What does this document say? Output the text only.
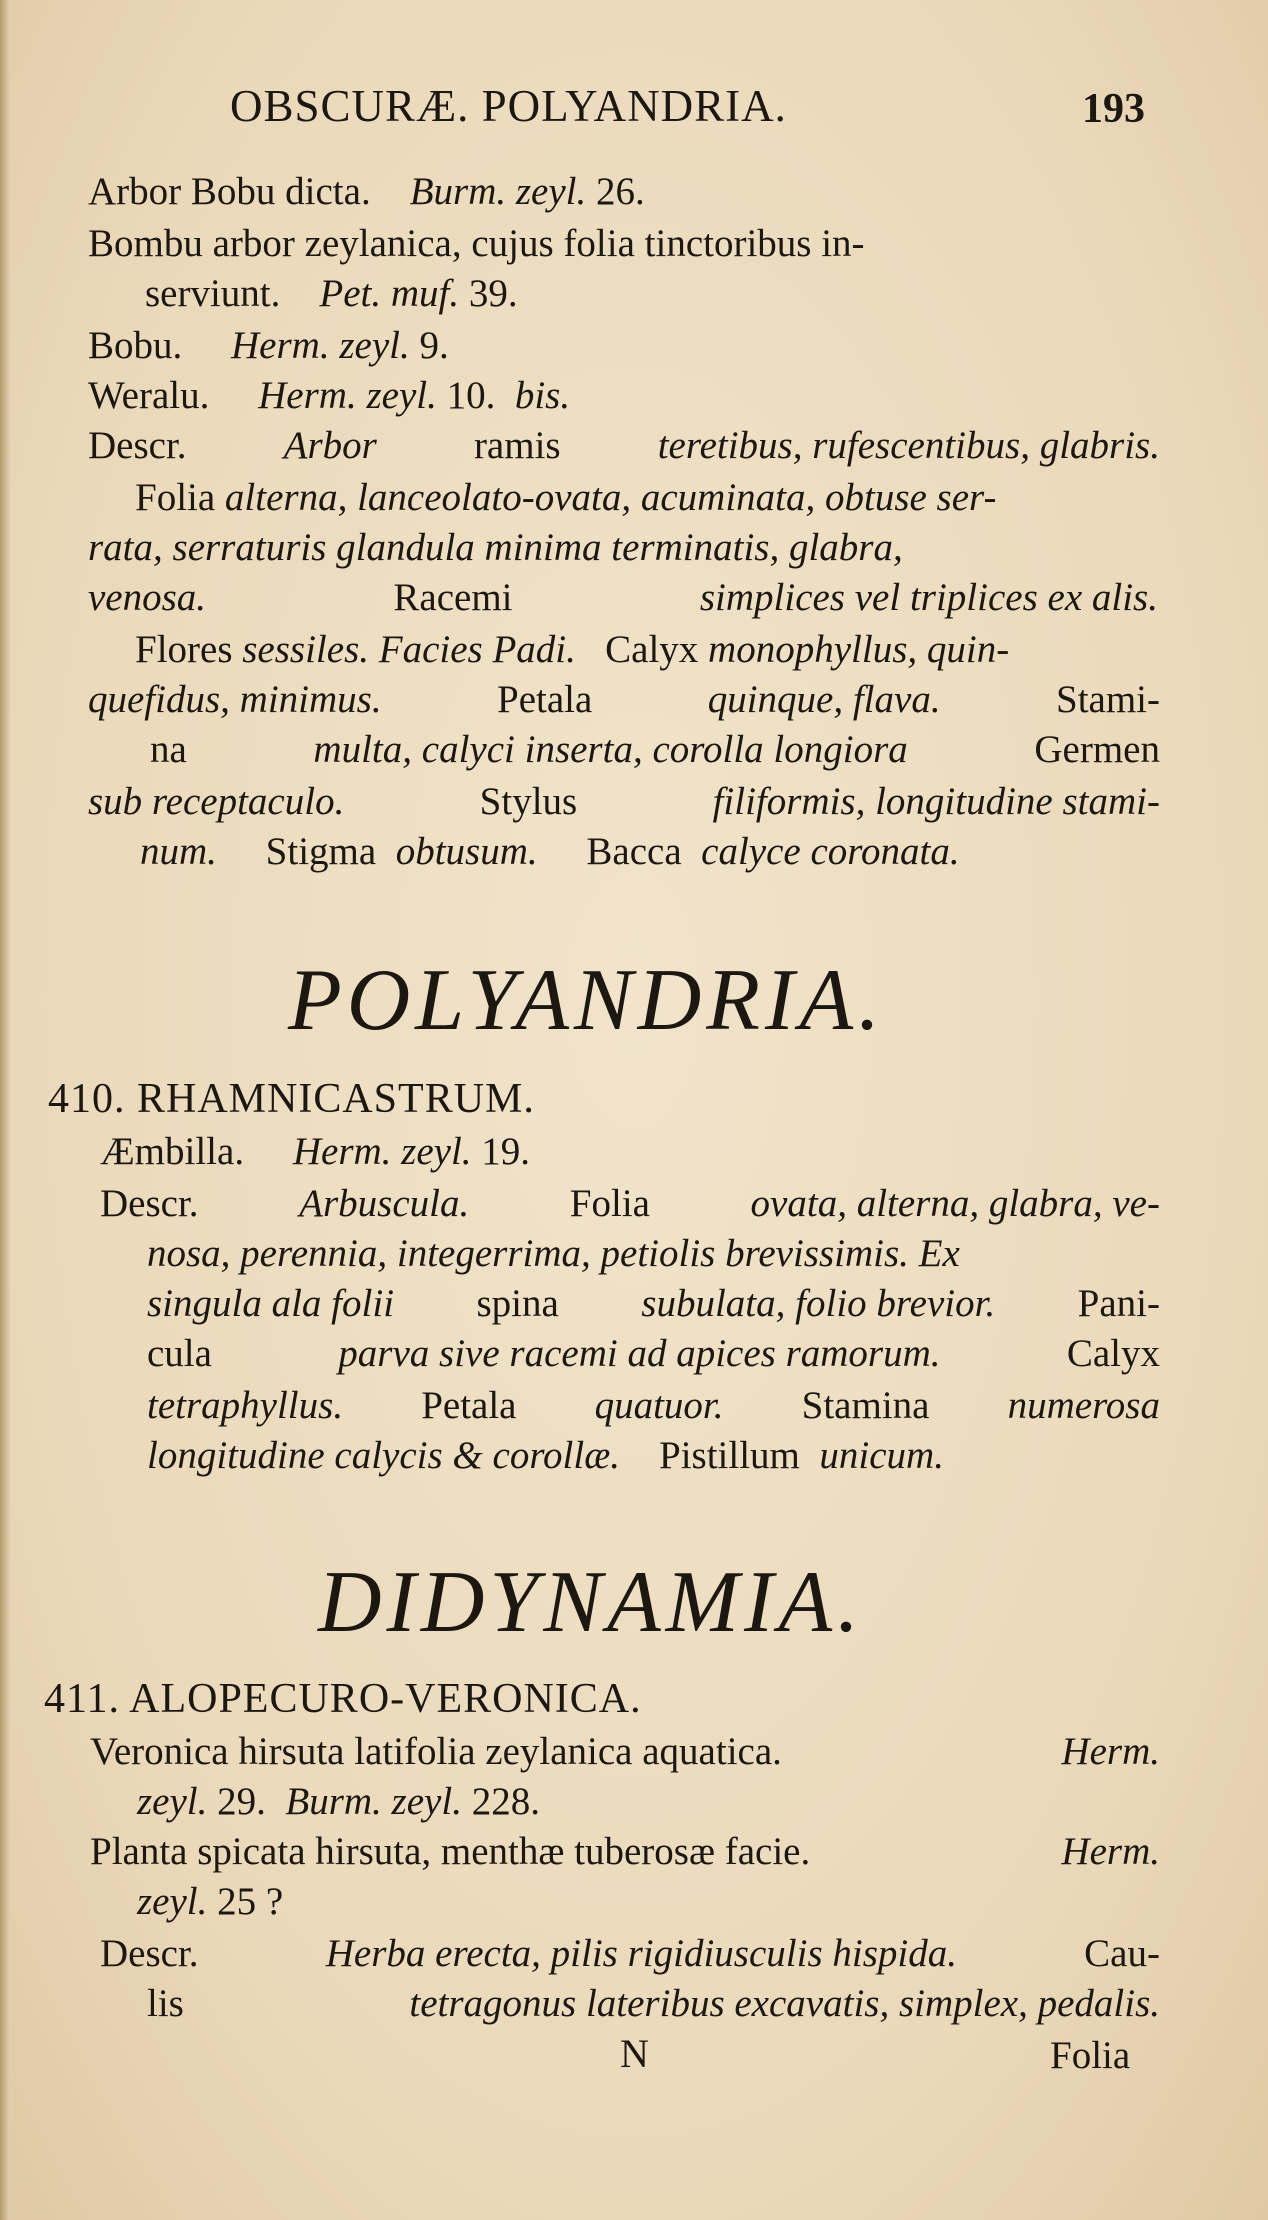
OBSCURÆ. POLYANDRIA.	193
Arbor Bobu dicta. Burm. zeyl. 26.
Bombu arbor zeylanica, cujus folia tinctoribus in-
serviunt. Pet. muf. 39.
Bobu. Herm. zeyl. 9.
Weralu. Herm. zeyl. 10. bis.
Descr. Arbor ramis teretibus, rufescentibus, glabris.
Folia alterna, lanceolato-ovata, acuminata, obtuse ser-
rata, serraturis glandula minima terminatis, glabra,
venosa.	Racemi	simplices vel triplices ex alis.
Flores sessiles. Facies Padi. Calyx monophyllus, quin-
quefidus, minimus.	Petala	quinque, flava.	Stami-
na	multa, calyci inserta, corolla longiora	Germen
sub receptaculo.	Stylus	filiformis, longitudine stami-
num. Stigma obtusum. Bacca calyce coronata.
POLYANDRIA.
410. RHAMNICASTRUM.
Æmbilla. Herm. zeyl. 19.
Descr.	Arbuscula.	Folia	ovata, alterna, glabra, ve-
nosa, perennia, integerrima, petiolis brevissimis. Ex
singula ala folii spina subulata, folio brevior. Pani-
cula	parva sive racemi ad apices ramorum.	Calyx
tetraphyllus. Petala quatuor. Stamina numerosa
longitudine calycis & corollæ. Pistillum unicum.
DIDYNAMIA.
411. ALOPECURO-VERONICA.
Veronica hirsuta latifolia zeylanica aquatica.	Herm.
zeyl. 29. Burm. zeyl. 228.
Planta spicata hirsuta, menthæ tuberosæ facie.	Herm.
zeyl. 25 ?
Descr.	Herba erecta, pilis rigidiusculis hispida.	Cau-
lis	tetragonus lateribus excavatis, simplex, pedalis.
N	Folia
